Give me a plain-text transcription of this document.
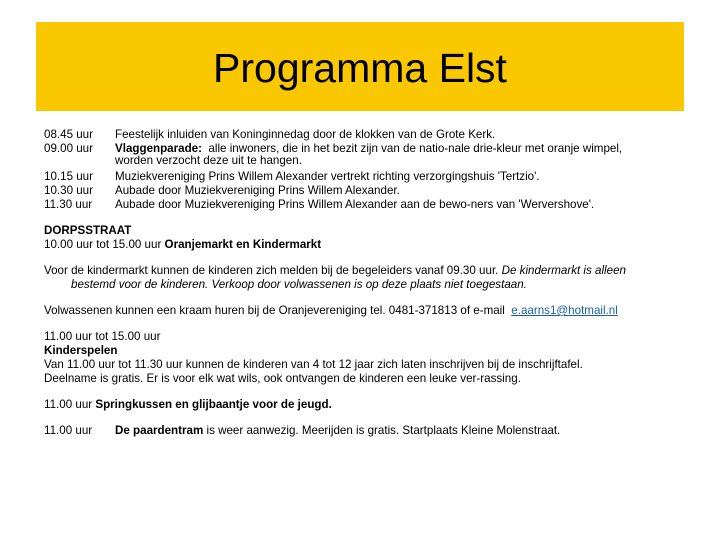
Programma Elst
08.45 uur	Feestelijk inluiden van Koninginnedag door de klokken van de Grote Kerk.
09.00 uur	Vlaggenparade:  alle inwoners, die in het bezit zijn van de natio-nale drie-kleur met oranje wimpel,
worden verzocht deze uit te hangen.
10.15 uur	Muziekvereniging Prins Willem Alexander vertrekt richting verzorgingshuis 'Tertzio'.
10.30 uur	Aubade door Muziekvereniging Prins Willem Alexander.
11.30 uur	Aubade door Muziekvereniging Prins Willem Alexander aan de bewo-ners van 'Wervershove'.
DORPSSTRAAT
10.00 uur tot 15.00 uur Oranjemarkt en Kindermarkt
Voor de kindermarkt kunnen de kinderen zich melden bij de begeleiders vanaf 09.30 uur. De kindermarkt is alleen
bestemd voor de kinderen. Verkoop door volwassenen is op deze plaats niet toegestaan.
Volwassenen kunnen een kraam huren bij de Oranjevereniging tel. 0481-371813 of e-mail  e.aarns1@hotmail.nl
11.00 uur tot 15.00 uur
Kinderspelen
Van 11.00 uur tot 11.30 uur kunnen de kinderen van 4 tot 12 jaar zich laten inschrijven bij de inschrijftafel.
Deelname is gratis. Er is voor elk wat wils, ook ontvangen de kinderen een leuke ver-rassing.
11.00 uur Springkussen en glijbaantje voor de jeugd.
11.00 uur	De paardentram is weer aanwezig. Meerijden is gratis. Startplaats Kleine Molenstraat.
